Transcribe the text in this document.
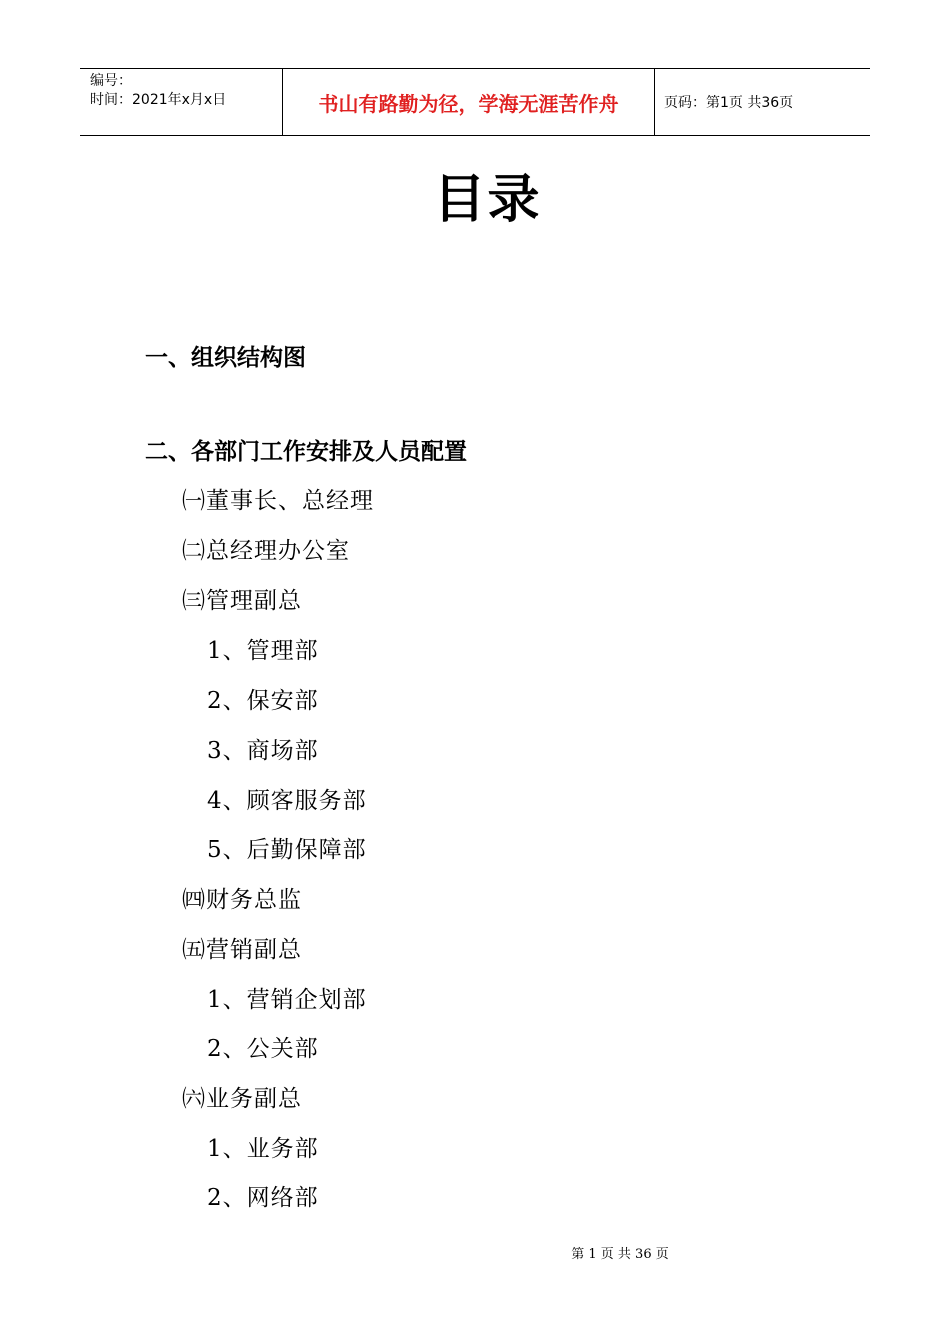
编号：
时间：2021年x月x日	书山有路勤为径，学海无涯苦作舟	页码：第1页 共36页
目录
一、组织结构图
二、各部门工作安排及人员配置
㈠董事长、总经理
㈡总经理办公室
㈢管理副总
1、管理部
2、保安部
3、商场部
4、顾客服务部
5、后勤保障部
㈣财务总监
㈤营销副总
1、营销企划部
2、公关部
㈥业务副总
1、业务部
2、网络部
第 1 页 共 36 页
